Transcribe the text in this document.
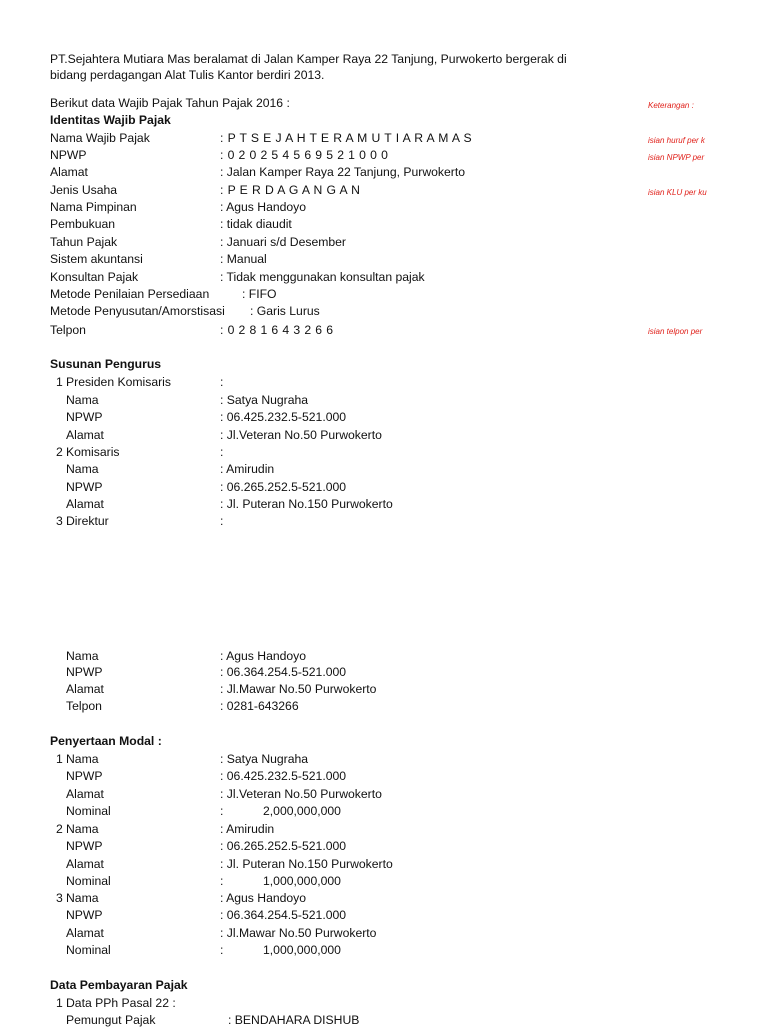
PT.Sejahtera Mutiara Mas beralamat di Jalan Kamper Raya 22 Tanjung, Purwokerto bergerak di
bidang perdagangan Alat Tulis Kantor berdiri 2013.
Berikut data Wajib Pajak Tahun Pajak 2016 :	Keterangan :
isian huruf per k
isian NPWP per
isian KLU per ku
isian telpon per
Identitas Wajib Pajak
Nama Wajib Pajak	: P T S E J A H T E R A M U T I A R A M A S
NPWP	: 0 2 0 2 5 4 5 6 9 5 2 1 0 0 0
Alamat	: Jalan Kamper Raya 22 Tanjung, Purwokerto
Jenis Usaha	: P E R D A G A N G A N
Nama Pimpinan	: Agus Handoyo
Pembukuan	: tidak diaudit
Tahun Pajak	: Januari s/d Desember
Sistem akuntansi	: Manual
Konsultan Pajak	: Tidak menggunakan konsultan pajak
Metode Penilaian Persediaan	: FIFO
Metode Penyusutan/Amorstisasi : Garis Lurus
Telpon	: 0 2 8 1 6 4 3 2 6 6
Susunan Pengurus
1 Presiden Komisaris	:
Nama	: Satya Nugraha
NPWP	: 06.425.232.5-521.000
Alamat	: Jl.Veteran No.50 Purwokerto
2 Komisaris	:
Nama	: Amirudin
NPWP	: 06.265.252.5-521.000
Alamat	: Jl. Puteran No.150 Purwokerto
3 Direktur	:
Nama	: Agus Handoyo
NPWP	: 06.364.254.5-521.000
Alamat	: Jl.Mawar No.50 Purwokerto
Telpon	: 0281-643266
Penyertaan Modal :
1 Nama	: Satya Nugraha
NPWP	: 06.425.232.5-521.000
Alamat	: Jl.Veteran No.50 Purwokerto
Nominal	:	2,000,000,000
2 Nama	: Amirudin
NPWP	: 06.265.252.5-521.000
Alamat	: Jl. Puteran No.150 Purwokerto
Nominal	:	1,000,000,000
3 Nama	: Agus Handoyo
NPWP	: 06.364.254.5-521.000
Alamat	: Jl.Mawar No.50 Purwokerto
Nominal	:	1,000,000,000
Data Pembayaran Pajak
1 Data PPh Pasal 22 :
Pemungut Pajak	: BENDAHARA DISHUB
